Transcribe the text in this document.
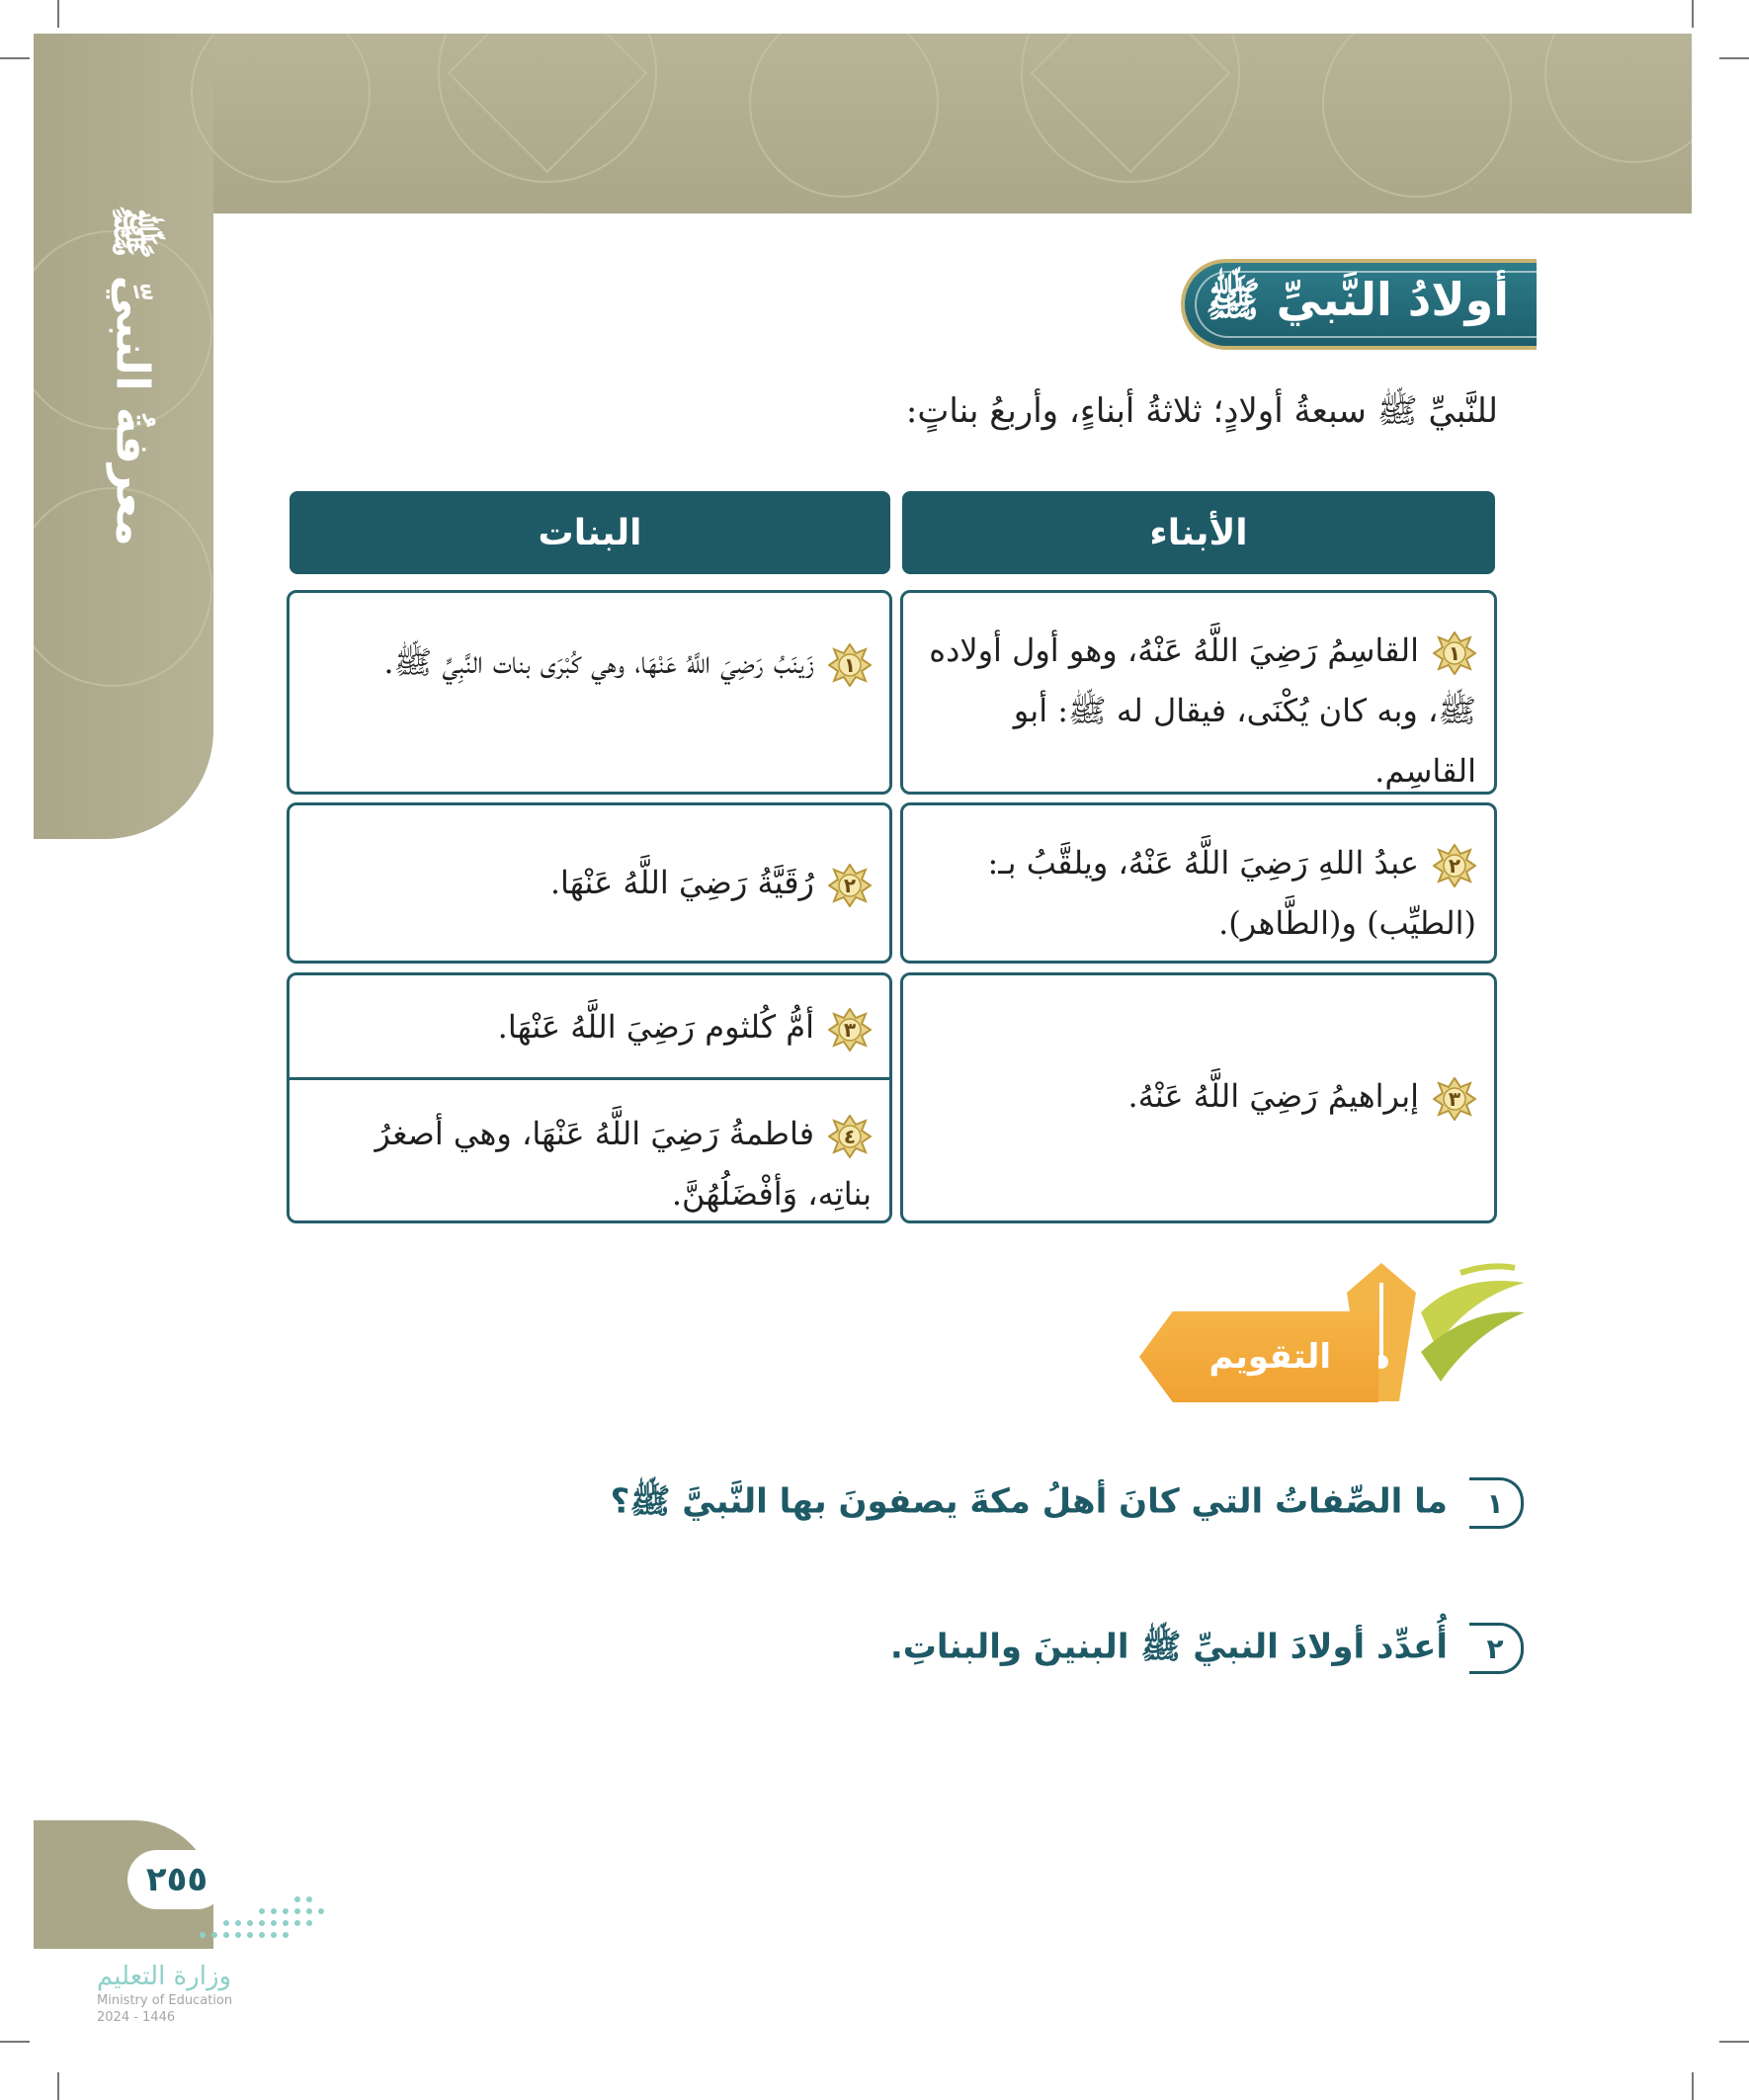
معرفةُ النبيِّ ﷺ	أولادُ النَّبيِّ ﷺ
للنَّبيِّ ﷺ سبعةُ أولادٍ؛ ثلاثةُ أبناءٍ، وأربعُ بناتٍ:
الأبناء
البنات
١
القاسِمُ رَضِيَ اللَّهُ عَنْهُ، وهو أول أولاده ﷺ، وبه كان يُكْنَى، فيقال له ﷺ: أبو القاسِم.
٢
عبدُ اللهِ رَضِيَ اللَّهُ عَنْهُ، ويلقَّبُ بـ: (الطيِّب) و(الطَّاهر).
٣
إبراهيمُ رَضِيَ اللَّهُ عَنْهُ.
١
زَينَبُ رَضِيَ اللَّهُ عَنْهَا، وهي كُبْرَى بنات النَّبِيِّ ﷺ.
٢
رُقَيَّةُ رَضِيَ اللَّهُ عَنْهَا.
٣
أمُّ كُلثوم رَضِيَ اللَّهُ عَنْهَا.
٤
فاطمةُ رَضِيَ اللَّهُ عَنْهَا، وهي أصغرُ بناتِه، وَأفْضَلُهُنَّ.
التقويم
١ما الصِّفاتُ التي كانَ أهلُ مكةَ يصفونَ بها النَّبيَّ ﷺ؟
٢أُعدِّد أولادَ النبيِّ ﷺ البنينَ والبناتِ.
٢٥٥
وزارة التعليم
Ministry of Education
2024 - 1446
